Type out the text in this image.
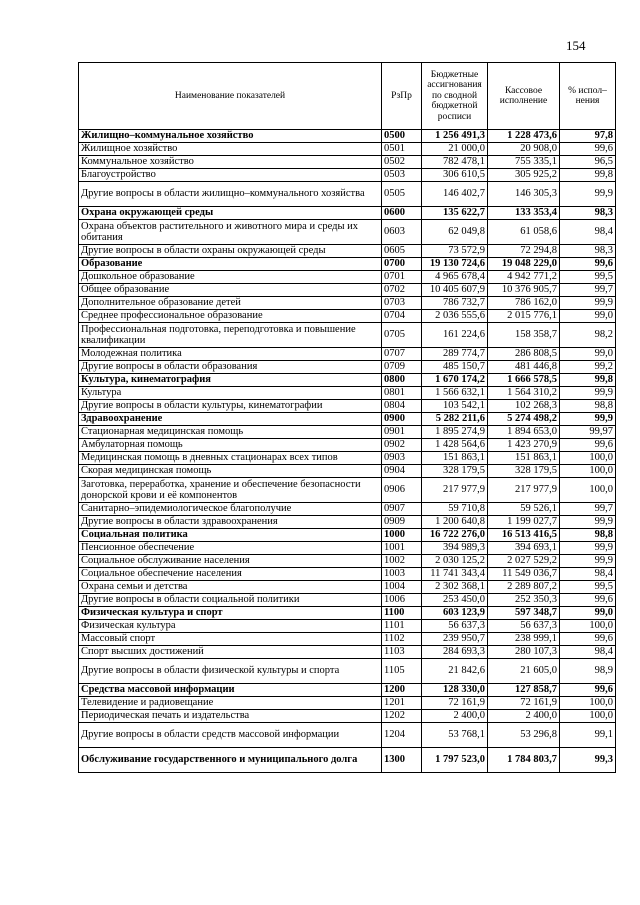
154
Наименование показателей	РзПр	Бюджетные ассигнования по сводной бюджетной росписи	Кассовое исполнение	% испол– нения
Жилищно–коммунальное хозяйство	0500	1 256 491,3	1 228 473,6	97,8
Жилищное хозяйство	0501	21 000,0	20 908,0	99,6
Коммунальное хозяйство	0502	782 478,1	755 335,1	96,5
Благоустройство	0503	306 610,5	305 925,2	99,8
Другие вопросы в области жилищно–коммунального хозяйства	0505	146 402,7	146 305,3	99,9
Охрана окружающей среды	0600	135 622,7	133 353,4	98,3
Охрана объектов растительного и животного мира и среды их обитания	0603	62 049,8	61 058,6	98,4
Другие вопросы в области охраны окружающей среды	0605	73 572,9	72 294,8	98,3
Образование	0700	19 130 724,6	19 048 229,0	99,6
Дошкольное образование	0701	4 965 678,4	4 942 771,2	99,5
Общее образование	0702	10 405 607,9	10 376 905,7	99,7
Дополнительное образование детей	0703	786 732,7	786 162,0	99,9
Среднее профессиональное образование	0704	2 036 555,6	2 015 776,1	99,0
Профессиональная подготовка, переподготовка и повышение квалификации	0705	161 224,6	158 358,7	98,2
Молодежная политика	0707	289 774,7	286 808,5	99,0
Другие вопросы в области образования	0709	485 150,7	481 446,8	99,2
Культура, кинематография	0800	1 670 174,2	1 666 578,5	99,8
Культура	0801	1 566 632,1	1 564 310,2	99,9
Другие вопросы в области культуры, кинематографии	0804	103 542,1	102 268,3	98,8
Здравоохранение	0900	5 282 211,6	5 274 498,2	99,9
Стационарная медицинская помощь	0901	1 895 274,9	1 894 653,0	99,97
Амбулаторная помощь	0902	1 428 564,6	1 423 270,9	99,6
Медицинская помощь в дневных стационарах всех типов	0903	151 863,1	151 863,1	100,0
Скорая медицинская помощь	0904	328 179,5	328 179,5	100,0
Заготовка, переработка, хранение и обеспечение безопасности донорской крови и её компонентов	0906	217 977,9	217 977,9	100,0
Санитарно–эпидемиологическое благополучие	0907	59 710,8	59 526,1	99,7
Другие вопросы в области здравоохранения	0909	1 200 640,8	1 199 027,7	99,9
Социальная политика	1000	16 722 276,0	16 513 416,5	98,8
Пенсионное обеспечение	1001	394 989,3	394 693,1	99,9
Социальное обслуживание населения	1002	2 030 125,2	2 027 529,2	99,9
Социальное обеспечение населения	1003	11 741 343,4	11 549 036,7	98,4
Охрана семьи и детства	1004	2 302 368,1	2 289 807,2	99,5
Другие вопросы в области социальной политики	1006	253 450,0	252 350,3	99,6
Физическая культура и спорт	1100	603 123,9	597 348,7	99,0
Физическая культура	1101	56 637,3	56 637,3	100,0
Массовый спорт	1102	239 950,7	238 999,1	99,6
Спорт высших достижений	1103	284 693,3	280 107,3	98,4
Другие вопросы в области физической культуры и спорта	1105	21 842,6	21 605,0	98,9
Средства массовой информации	1200	128 330,0	127 858,7	99,6
Телевидение и радиовещание	1201	72 161,9	72 161,9	100,0
Периодическая печать и издательства	1202	2 400,0	2 400,0	100,0
Другие вопросы в области средств массовой информации	1204	53 768,1	53 296,8	99,1
Обслуживание государственного и муниципального долга	1300	1 797 523,0	1 784 803,7	99,3
